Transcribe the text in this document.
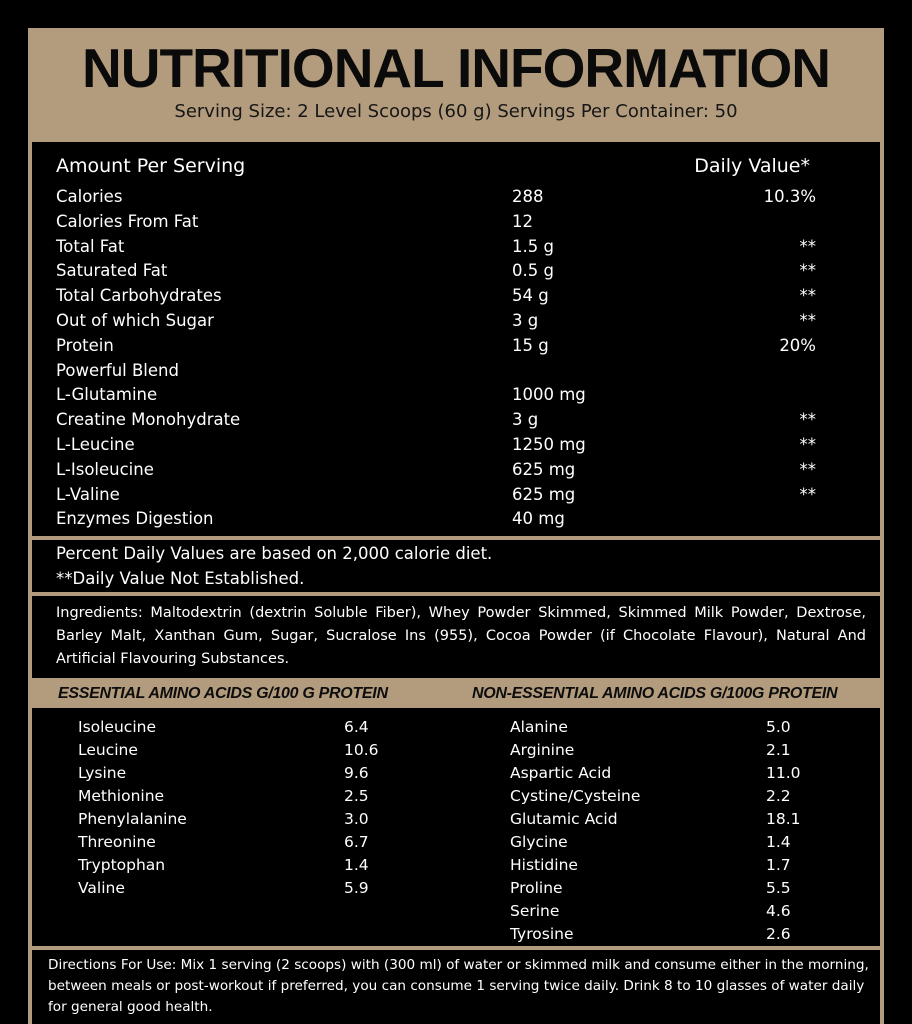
NUTRITIONAL INFORMATION
Serving Size: 2 Level Scoops (60 g) Servings Per Container: 50
Amount Per Serving	Daily Value*
Calories	288	10.3%
Calories From Fat	12
Total Fat	1.5 g	**
Saturated Fat	0.5 g	**
Total Carbohydrates	54 g	**
Out of which Sugar	3 g	**
Protein	15 g	20%
Powerful Blend
L-Glutamine	1000 mg
Creatine Monohydrate	3 g	**
L-Leucine	1250 mg	**
L-Isoleucine	625 mg	**
L-Valine	625 mg	**
Enzymes Digestion	40 mg
Percent Daily Values are based on 2,000 calorie diet.
**Daily Value Not Established.
Ingredients: Maltodextrin (dextrin Soluble Fiber), Whey Powder Skimmed, Skimmed Milk Powder, Dextrose, Barley Malt, Xanthan Gum, Sugar, Sucralose Ins (955), Cocoa Powder (if Chocolate Flavour), Natural And Artificial Flavouring Substances.
ESSENTIAL AMINO ACIDS G/100 G PROTEIN	NON-ESSENTIAL AMINO ACIDS G/100G PROTEIN
Isoleucine	6.4
Leucine	10.6
Lysine	9.6
Methionine	2.5
Phenylalanine	3.0
Threonine	6.7
Tryptophan	1.4
Valine	5.9
Alanine	5.0
Arginine	2.1
Aspartic Acid	11.0
Cystine/Cysteine	2.2
Glutamic Acid	18.1
Glycine	1.4
Histidine	1.7
Proline	5.5
Serine	4.6
Tyrosine	2.6
Directions For Use: Mix 1 serving (2 scoops) with (300 ml) of water or skimmed milk and consume either in the morning, between meals or post-workout if preferred, you can consume 1 serving twice daily. Drink 8 to 10 glasses of water daily for general good health.
